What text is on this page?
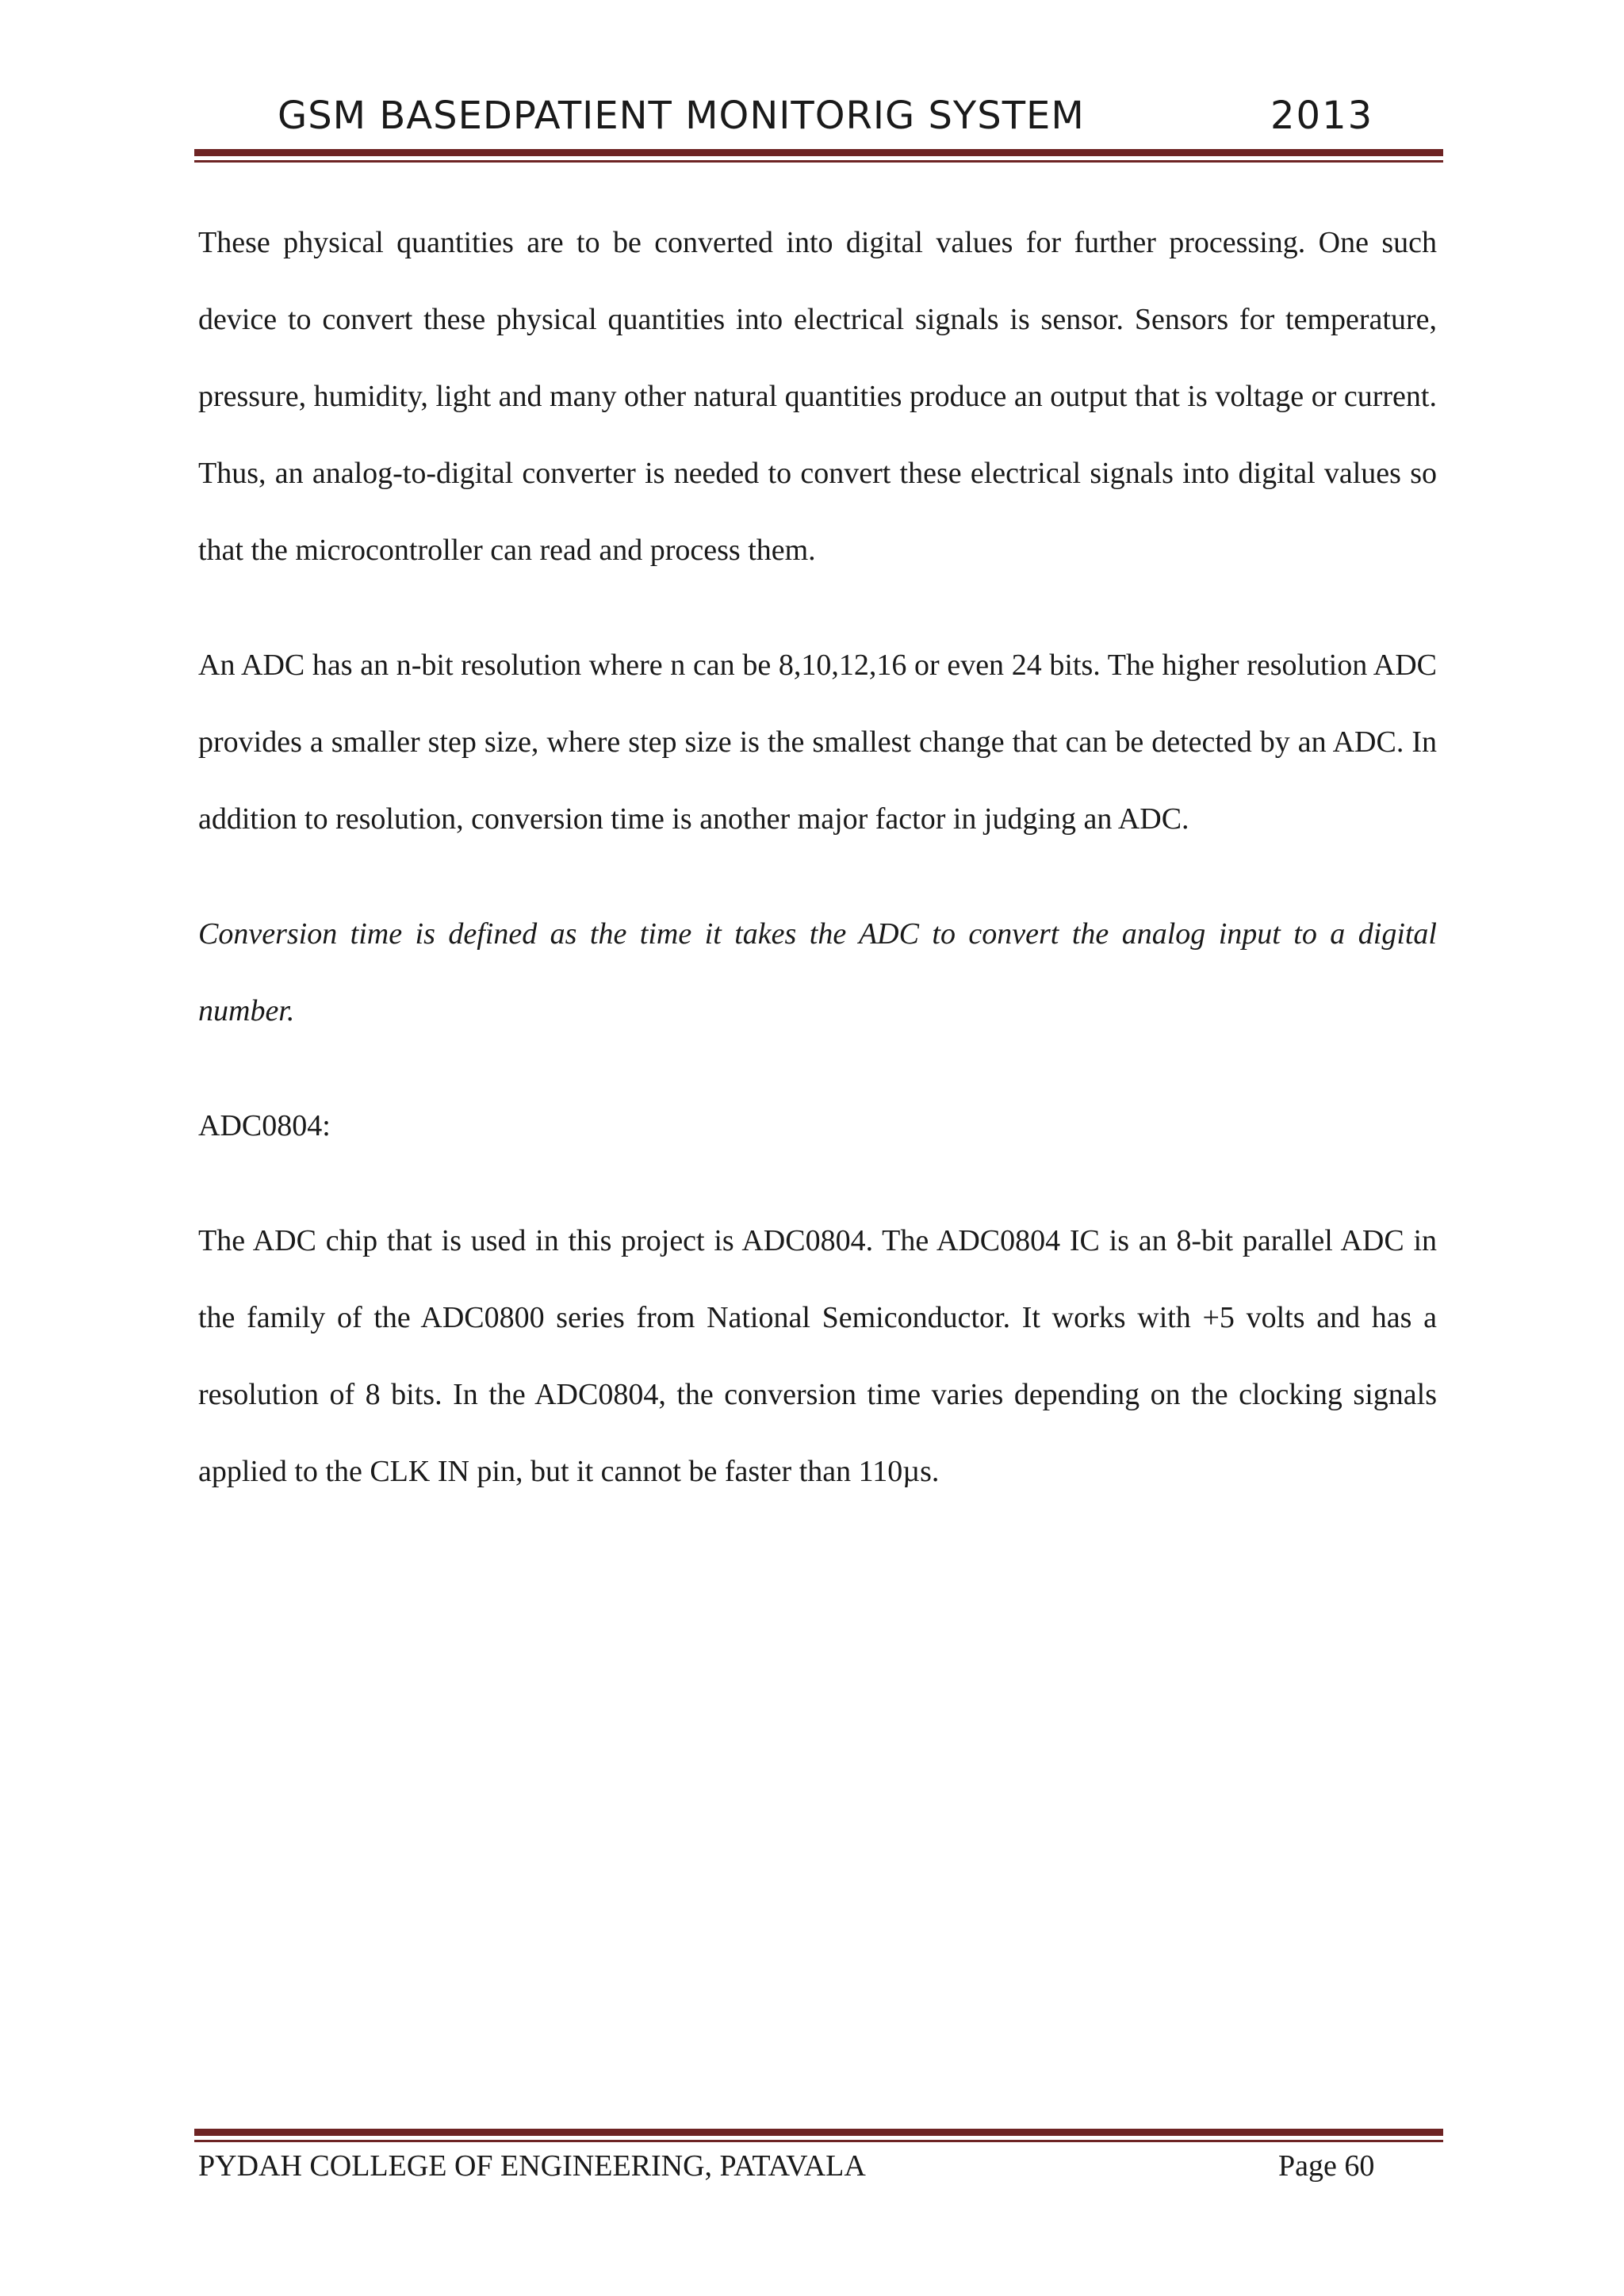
GSM BASEDPATIENT MONITORIG SYSTEM	2013

These physical quantities are to be converted into digital values for further processing. One such device to convert these physical quantities into electrical signals is sensor. Sensors for temperature, pressure, humidity, light and many other natural quantities produce an output that is voltage or current. Thus, an analog-to-digital converter is needed to convert these electrical signals into digital values so that the microcontroller can read and process them.

An ADC has an n-bit resolution where n can be 8,10,12,16 or even 24 bits. The higher resolution ADC provides a smaller step size, where step size is the smallest change that can be detected by an ADC. In addition to resolution, conversion time is another major factor in judging an ADC.

Conversion time is defined as the time it takes the ADC to convert the analog input to a digital number.

ADC0804:

The ADC chip that is used in this project is ADC0804. The ADC0804 IC is an 8-bit parallel ADC in the family of the ADC0800 series from National Semiconductor. It works with +5 volts and has a resolution of 8 bits. In the ADC0804, the conversion time varies depending on the clocking signals applied to the CLK IN pin, but it cannot be faster than 110µs.

PYDAH COLLEGE OF ENGINEERING, PATAVALA	Page 60
